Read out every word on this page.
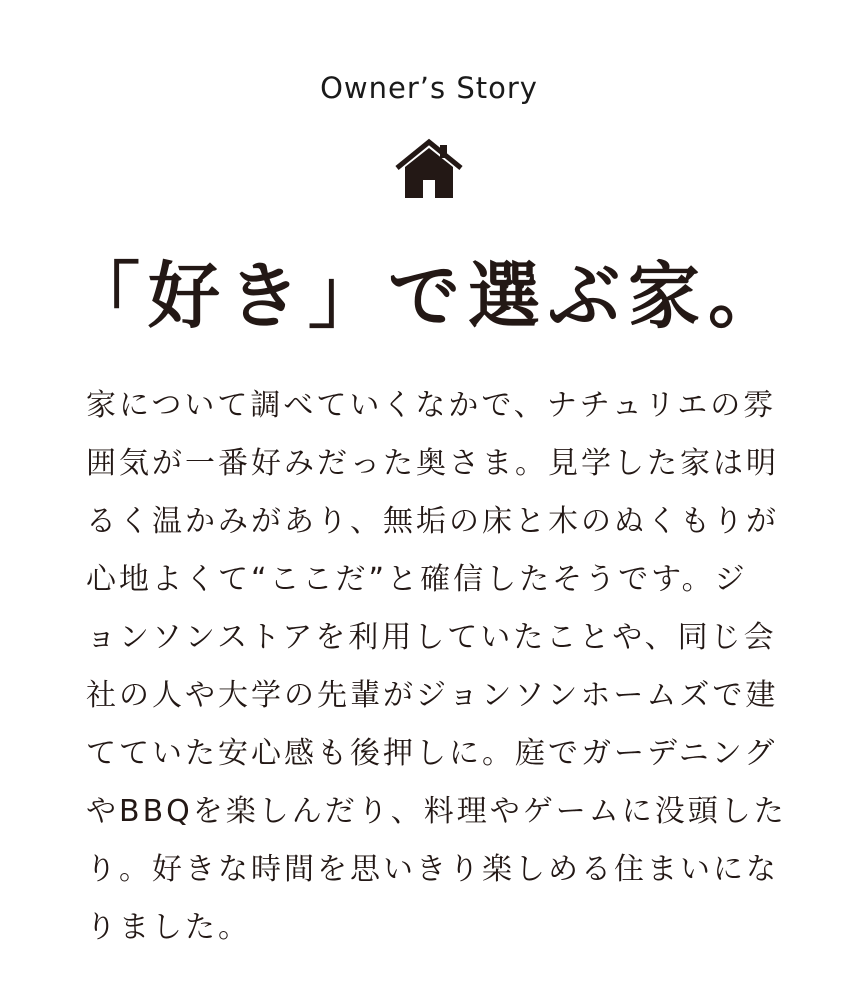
Owner’s Story
「好き」で選ぶ家。
家について調べていくなかで、ナチュリエの雰
囲気が一番好みだった奥さま。見学した家は明
るく温かみがあり、無垢の床と木のぬくもりが
心地よくて“ここだ”と確信したそうです。ジ
ョンソンストアを利用していたことや、同じ会
社の人や大学の先輩がジョンソンホームズで建
てていた安心感も後押しに。庭でガーデニング
やBBQを楽しんだり、料理やゲームに没頭した
り。好きな時間を思いきり楽しめる住まいにな
りました。
